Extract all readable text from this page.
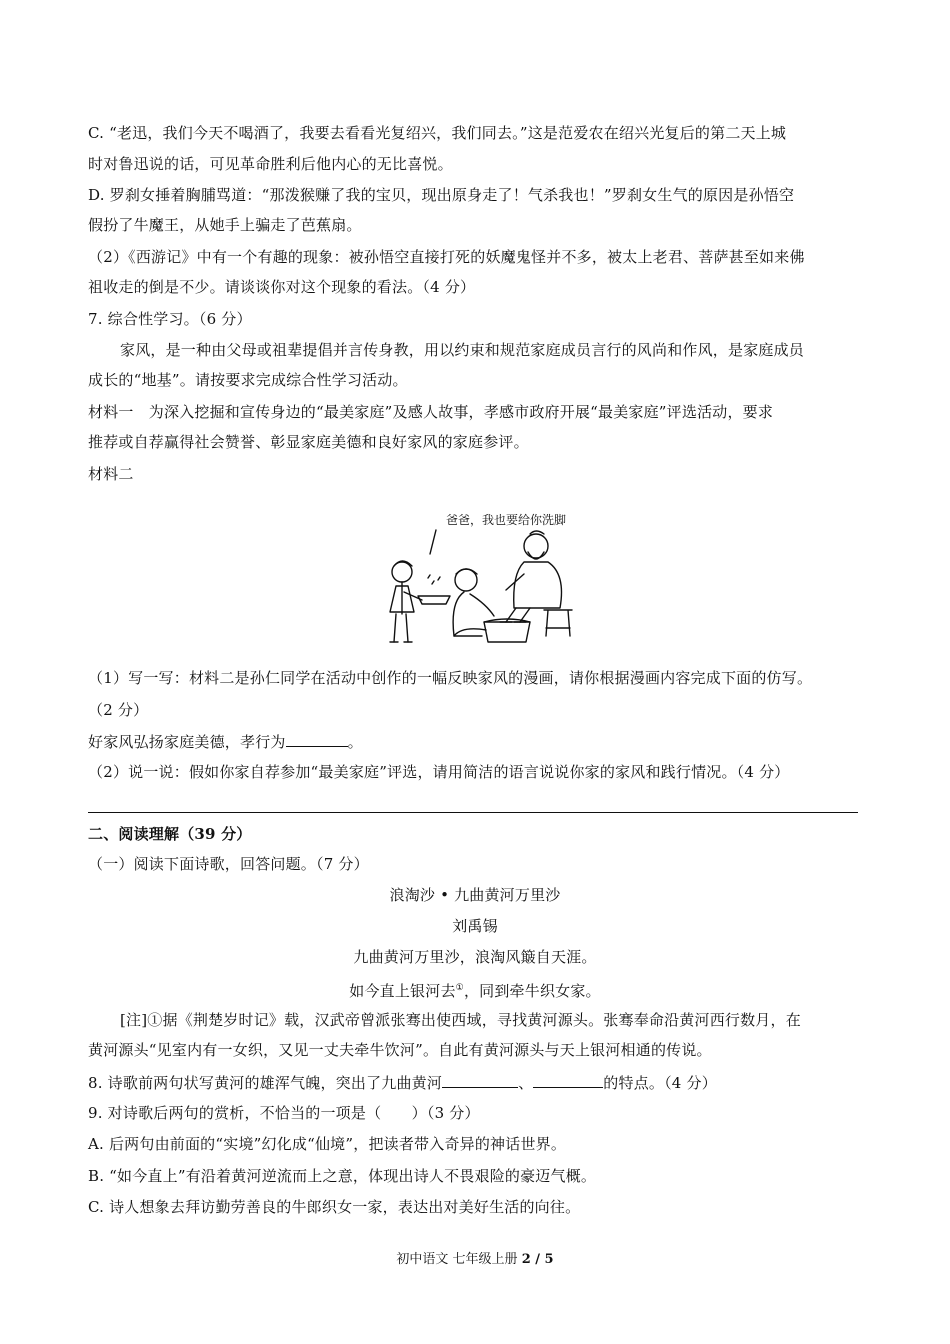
C. “老迅，我们今天不喝酒了，我要去看看光复绍兴，我们同去。”这是范爱农在绍兴光复后的第二天上城
时对鲁迅说的话，可见革命胜利后他内心的无比喜悦。
D. 罗刹女捶着胸脯骂道：“那泼猴赚了我的宝贝，现出原身走了！气杀我也！”罗刹女生气的原因是孙悟空
假扮了牛魔王，从她手上骗走了芭蕉扇。
（2）《西游记》中有一个有趣的现象：被孙悟空直接打死的妖魔鬼怪并不多，被太上老君、菩萨甚至如来佛
祖收走的倒是不少。请谈谈你对这个现象的看法。（4 分）
7. 综合性学习。（6 分）
家风，是一种由父母或祖辈提倡并言传身教，用以约束和规范家庭成员言行的风尚和作风，是家庭成员
成长的“地基”。请按要求完成综合性学习活动。
材料一　为深入挖掘和宣传身边的“最美家庭”及感人故事，孝感市政府开展“最美家庭”评选活动，要求
推荐或自荐赢得社会赞誉、彰显家庭美德和良好家风的家庭参评。
材料二
爸爸，我也要给你洗脚
（1）写一写：材料二是孙仁同学在活动中创作的一幅反映家风的漫画，请你根据漫画内容完成下面的仿写。
（2 分）
好家风弘扬家庭美德，孝行为	。
（2）说一说：假如你家自荐参加“最美家庭”评选，请用简洁的语言说说你家的家风和践行情况。（4 分）
二、阅读理解（39 分）
（一）阅读下面诗歌，回答问题。（7 分）
浪淘沙 • 九曲黄河万里沙
刘禹锡
九曲黄河万里沙，浪淘风簸自天涯。
如今直上银河去①，同到牵牛织女家。
[注]①据《荆楚岁时记》载，汉武帝曾派张骞出使西域，寻找黄河源头。张骞奉命沿黄河西行数月，在
黄河源头“见室内有一女织，又见一丈夫牵牛饮河”。自此有黄河源头与天上银河相通的传说。
8. 诗歌前两句状写黄河的雄浑气魄，突出了九曲黄河	、	的特点。（4 分）
9. 对诗歌后两句的赏析，不恰当的一项是（　　）（3 分）
A. 后两句由前面的“实境”幻化成“仙境”，把读者带入奇异的神话世界。
B. “如今直上”有沿着黄河逆流而上之意，体现出诗人不畏艰险的豪迈气概。
C. 诗人想象去拜访勤劳善良的牛郎织女一家，表达出对美好生活的向往。
初中语文 七年级上册 2 / 5
